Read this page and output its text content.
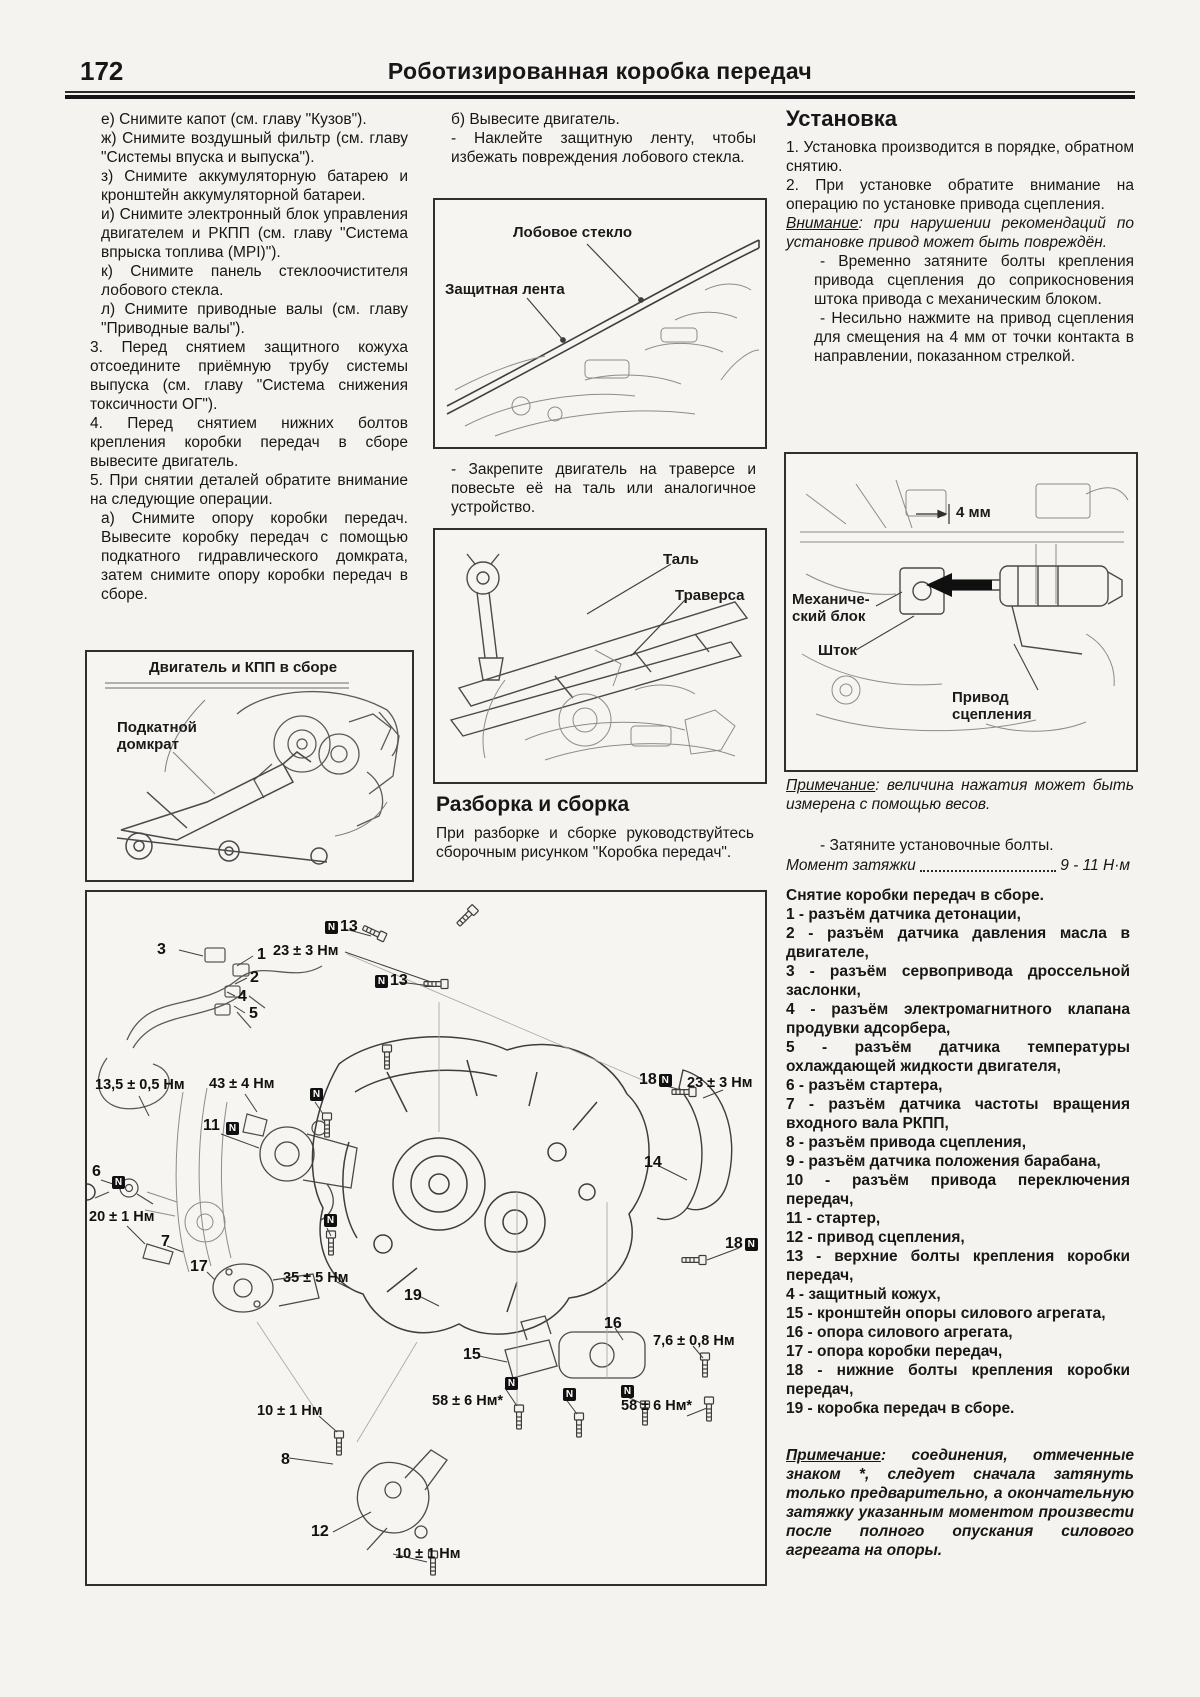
172	Роботизированная коробка передач

е) Снимите капот (см. главу "Кузов").

ж) Снимите воздушный фильтр (см. главу "Системы впуска и выпуска").

з) Снимите аккумуляторную батарею и кронштейн аккумуляторной батареи.

и) Снимите электронный блок управления двигателем и РКПП (см. главу "Система впрыска топлива (MPI)").

к) Снимите панель стеклоочистителя лобового стекла.

л) Снимите приводные валы (см. главу "Приводные валы").

3. Перед снятием защитного кожуха отсоедините приёмную трубу системы выпуска (см. главу "Система снижения токсичности ОГ").

4. Перед снятием нижних болтов крепления коробки передач в сборе вывесите двигатель.

5. При снятии деталей обратите внимание на следующие операции.

а) Снимите опору коробки передач. Вывесите коробку передач с помощью подкатного гидравлического домкрата, затем снимите опору коробки передач в сборе.

Двигатель и КПП в сборе
Подкатной
домкрат

б) Вывесите двигатель.

- Наклейте защитную ленту, чтобы избежать повреждения лобового стекла.

Лобовое стекло
Защитная лента

- Закрепите двигатель на траверсе и повесьте её на таль или аналогичное устройство.

Таль
Траверса
Разборка и сборка

При разборке и сборке руководствуйтесь сборочным рисунком "Коробка передач".

Установка

1. Установка производится в порядке, обратном снятию.

2. При установке обратите внимание на операцию по установке привода сцепления.

Внимание: при нарушении рекомендаций по установке привод может быть повреждён.

- Временно затяните болты крепления привода сцепления до соприкосновения штока привода с механическим блоком.

- Несильно нажмите на привод сцепления для смещения на 4 мм от точки контакта в направлении, показанном стрелкой.

4 мм
Механиче-
ский блок
Шток
Привод
сцепления
Примечание: величина нажатия может быть измерена с помощью весов.
- Затяните установочные болты.
Момент затяжки	9 - 11 Н·м
Снятие коробки передач в сборе.

1 - разъём датчика детонации,

2 - разъём датчика давления масла в двигателе,

3 - разъём сервопривода дроссельной заслонки,

4 - разъём электромагнитного клапана продувки адсорбера,

5 - разъём датчика температуры охлаждающей жидкости двигателя,

6 - разъём стартера,

7 - разъём датчика частоты вращения входного вала РКПП,

8 - разъём привода сцепления,

9 - разъём датчика положения барабана,

10 - разъём привода переключения передач,

11 - стартер,

12 - привод сцепления,

13 - верхние болты крепления коробки передач,

4 - защитный кожух,

15 - кронштейн опоры силового агрегата,

16 - опора силового агрегата,

17 - опора коробки передач,

18 - нижние болты крепления коробки передач,

19 - коробка передач в сборе.

Примечание: соединения, отмеченные знаком *, следует сначала затянуть только предварительно, а окончательную затяжку указанным моментом произвести после полного опускания силового агрегата на опоры.
3	1
2
4
5
N 13
23 ± 3 Нм
N 13
13,5 ± 0,5 Нм 43 ± 4 Нм
N
11 N
6
N
20 ± 1 Нм
7
17
N
35 ± 5 Нм
18 N	23 ± 3 Нм
14
18 N
19
16
15
7,6 ± 0,8 Нм
N
58 ± 6 Нм*	N	N
58 ± 6 Нм*
10 ± 1 Нм
8
12
10 ± 1 Нм
